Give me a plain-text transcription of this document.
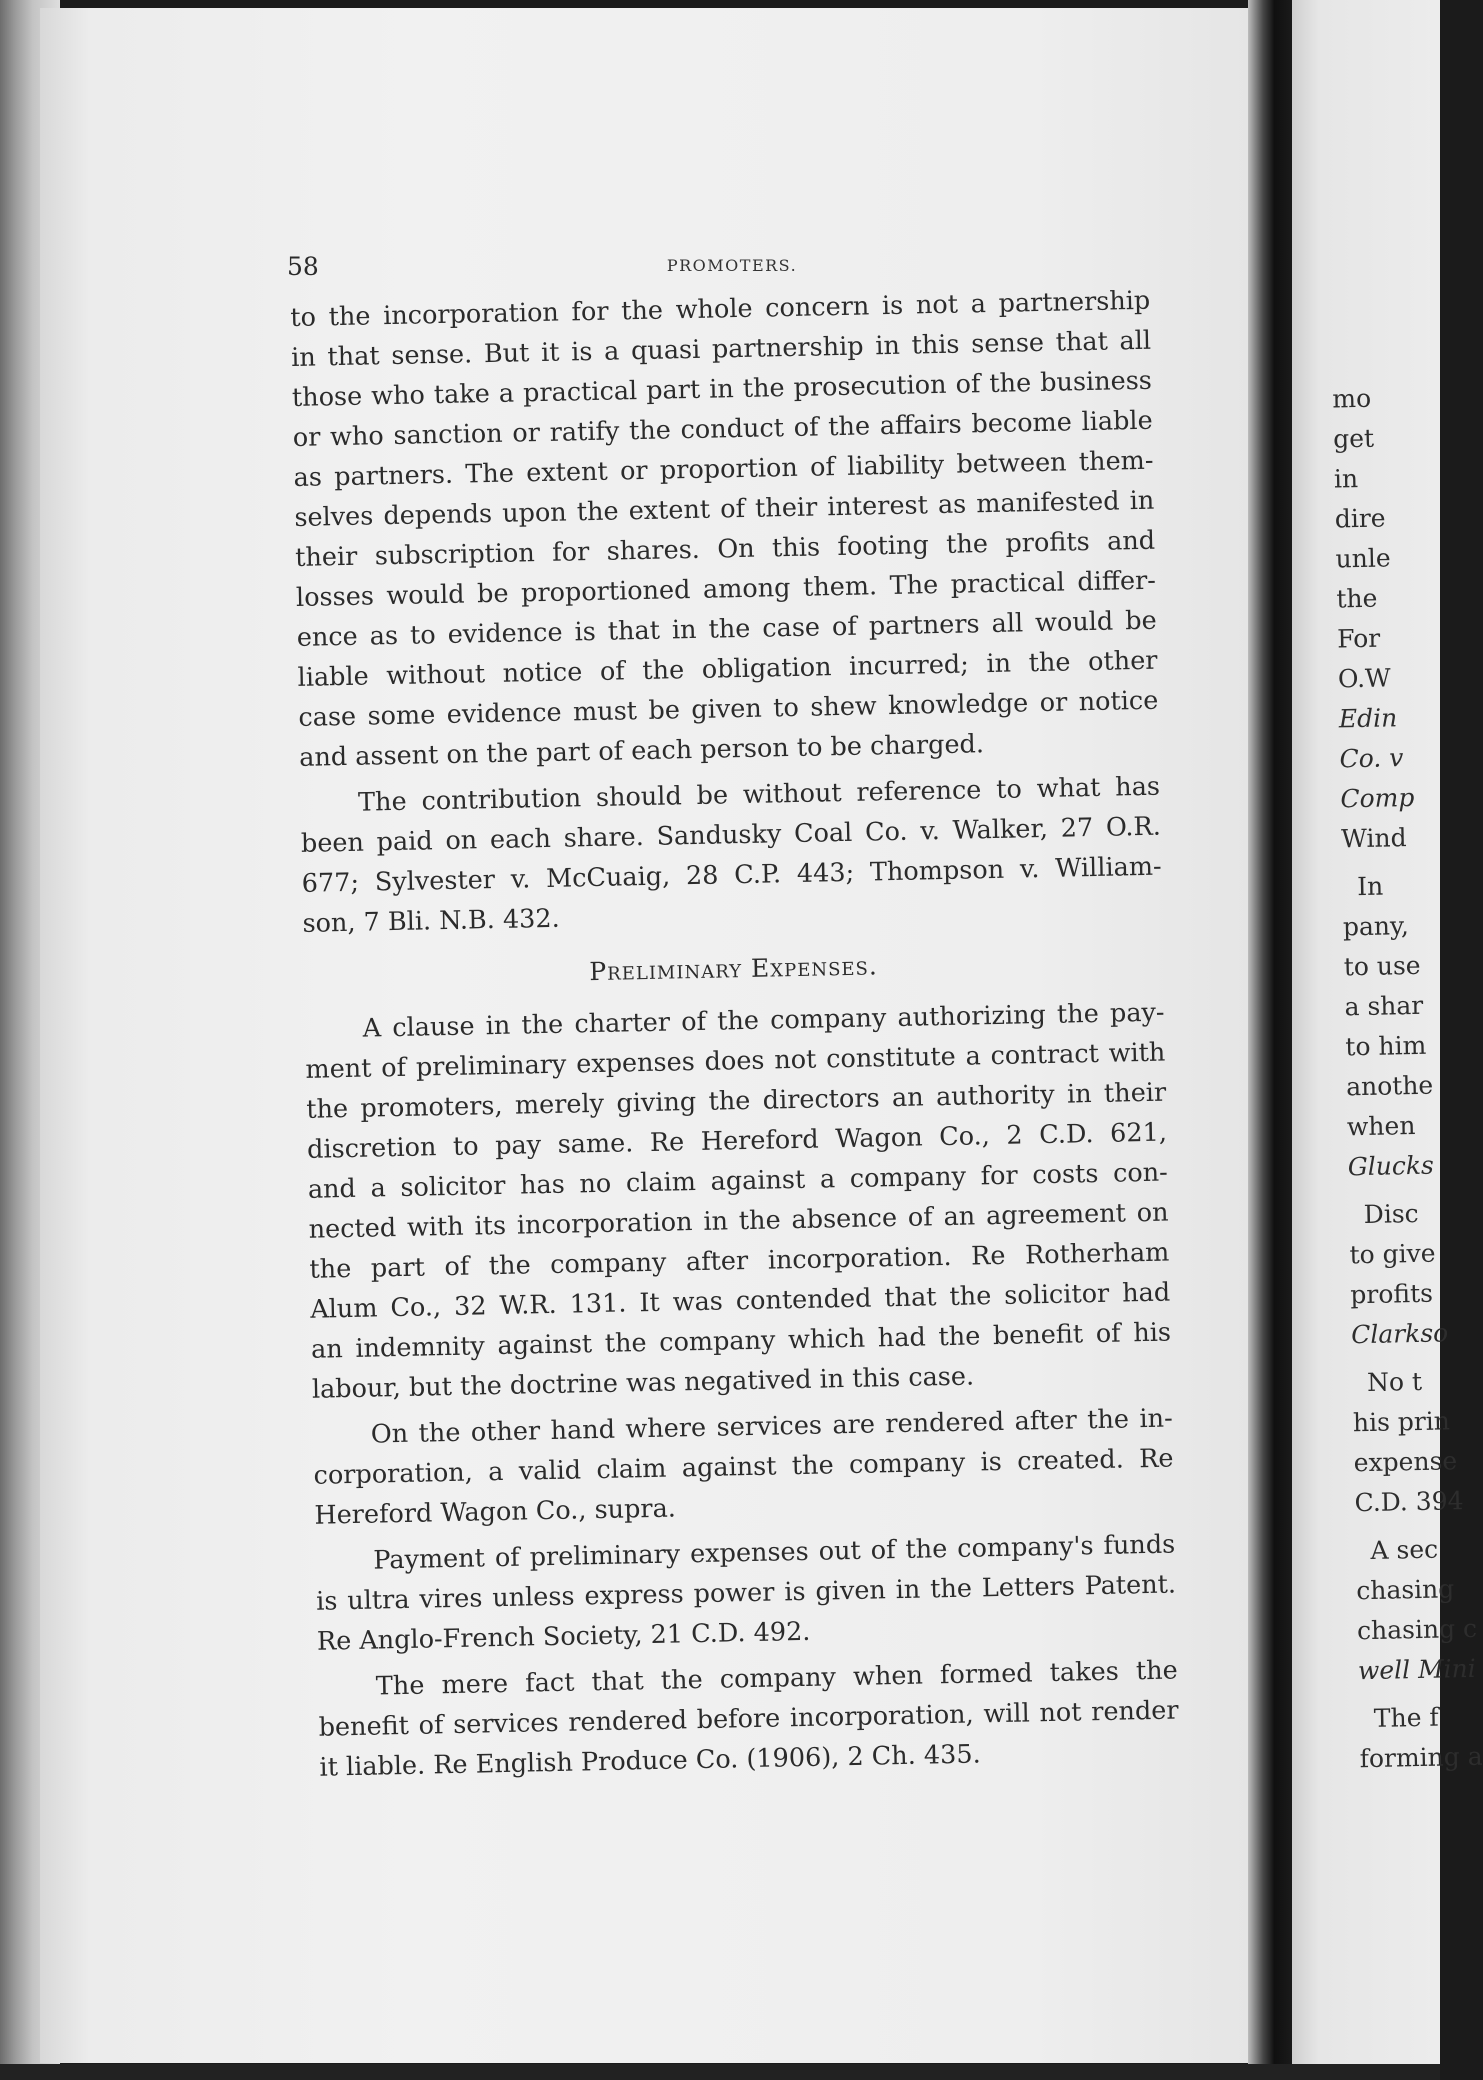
58	PROMOTERS.
to the incorporation for the whole concern is not a partnership
in that sense. But it is a quasi partnership in this sense that all
those who take a practical part in the prosecution of the business
or who sanction or ratify the conduct of the affairs become liable
as partners. The extent or proportion of liability between them-
selves depends upon the extent of their interest as manifested in
their subscription for shares. On this footing the profits and
losses would be proportioned among them. The practical differ-
ence as to evidence is that in the case of partners all would be
liable without notice of the obligation incurred; in the other
case some evidence must be given to shew knowledge or notice
and assent on the part of each person to be charged.
The contribution should be without reference to what has
been paid on each share. Sandusky Coal Co. v. Walker, 27 O.R.
677; Sylvester v. McCuaig, 28 C.P. 443; Thompson v. William-
son, 7 Bli. N.B. 432.
Preliminary Expenses.
A clause in the charter of the company authorizing the pay-
ment of preliminary expenses does not constitute a contract with
the promoters, merely giving the directors an authority in their
discretion to pay same. Re Hereford Wagon Co., 2 C.D. 621,
and a solicitor has no claim against a company for costs con-
nected with its incorporation in the absence of an agreement on
the part of the company after incorporation. Re Rotherham
Alum Co., 32 W.R. 131. It was contended that the solicitor had
an indemnity against the company which had the benefit of his
labour, but the doctrine was negatived in this case.
On the other hand where services are rendered after the in-
corporation, a valid claim against the company is created. Re
Hereford Wagon Co., supra.
Payment of preliminary expenses out of the company's funds
is ultra vires unless express power is given in the Letters Patent.
Re Anglo-French Society, 21 C.D. 492.
The mere fact that the company when formed takes the
benefit of services rendered before incorporation, will not render
it liable. Re English Produce Co. (1906), 2 Ch. 435.
mo
get
in
dire
unle
the
For
O.W
Edin
Co. v
Comp
Wind
In
pany,
to use
a shar
to him
anothe
when
Glucks
Disc
to give
profits
Clarkso
No t
his prin
expense
C.D. 394
A sec
chasing
chasing c
well Mini
The f
forming a
